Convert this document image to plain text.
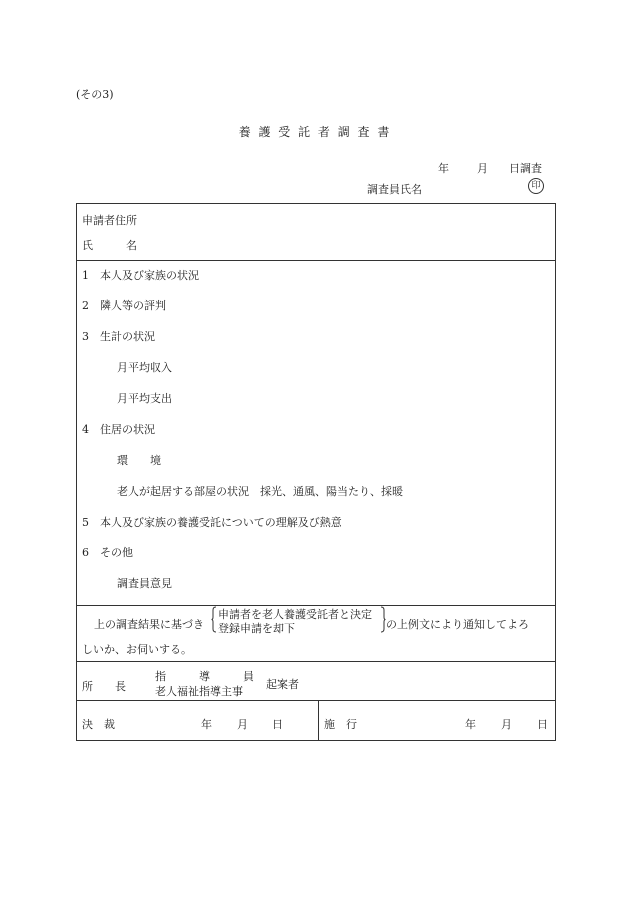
(その3)
養 護 受 託 者 調 査 書
年	月 日調査
調査員氏名	印
申請者住所
氏　　　名
1　本人及び家族の状況
2　隣人等の評判
3　生計の状況
月平均収入
月平均支出
4　住居の状況
環　　境
老人が起居する部屋の状況　採光、通風、陽当たり、採暖
5　本人及び家族の養護受託についての理解及び熱意
6　その他
調査員意見
上の調査結果に基づき
申請者を老人養護受託者と決定
登録申請を却下	の上例文により通知してよろ
しいか、お伺いする。
所　　長
指　　　導　　　員
老人福祉指導主事
起案者
決　裁	年 月 日	施　行	年 月 日
